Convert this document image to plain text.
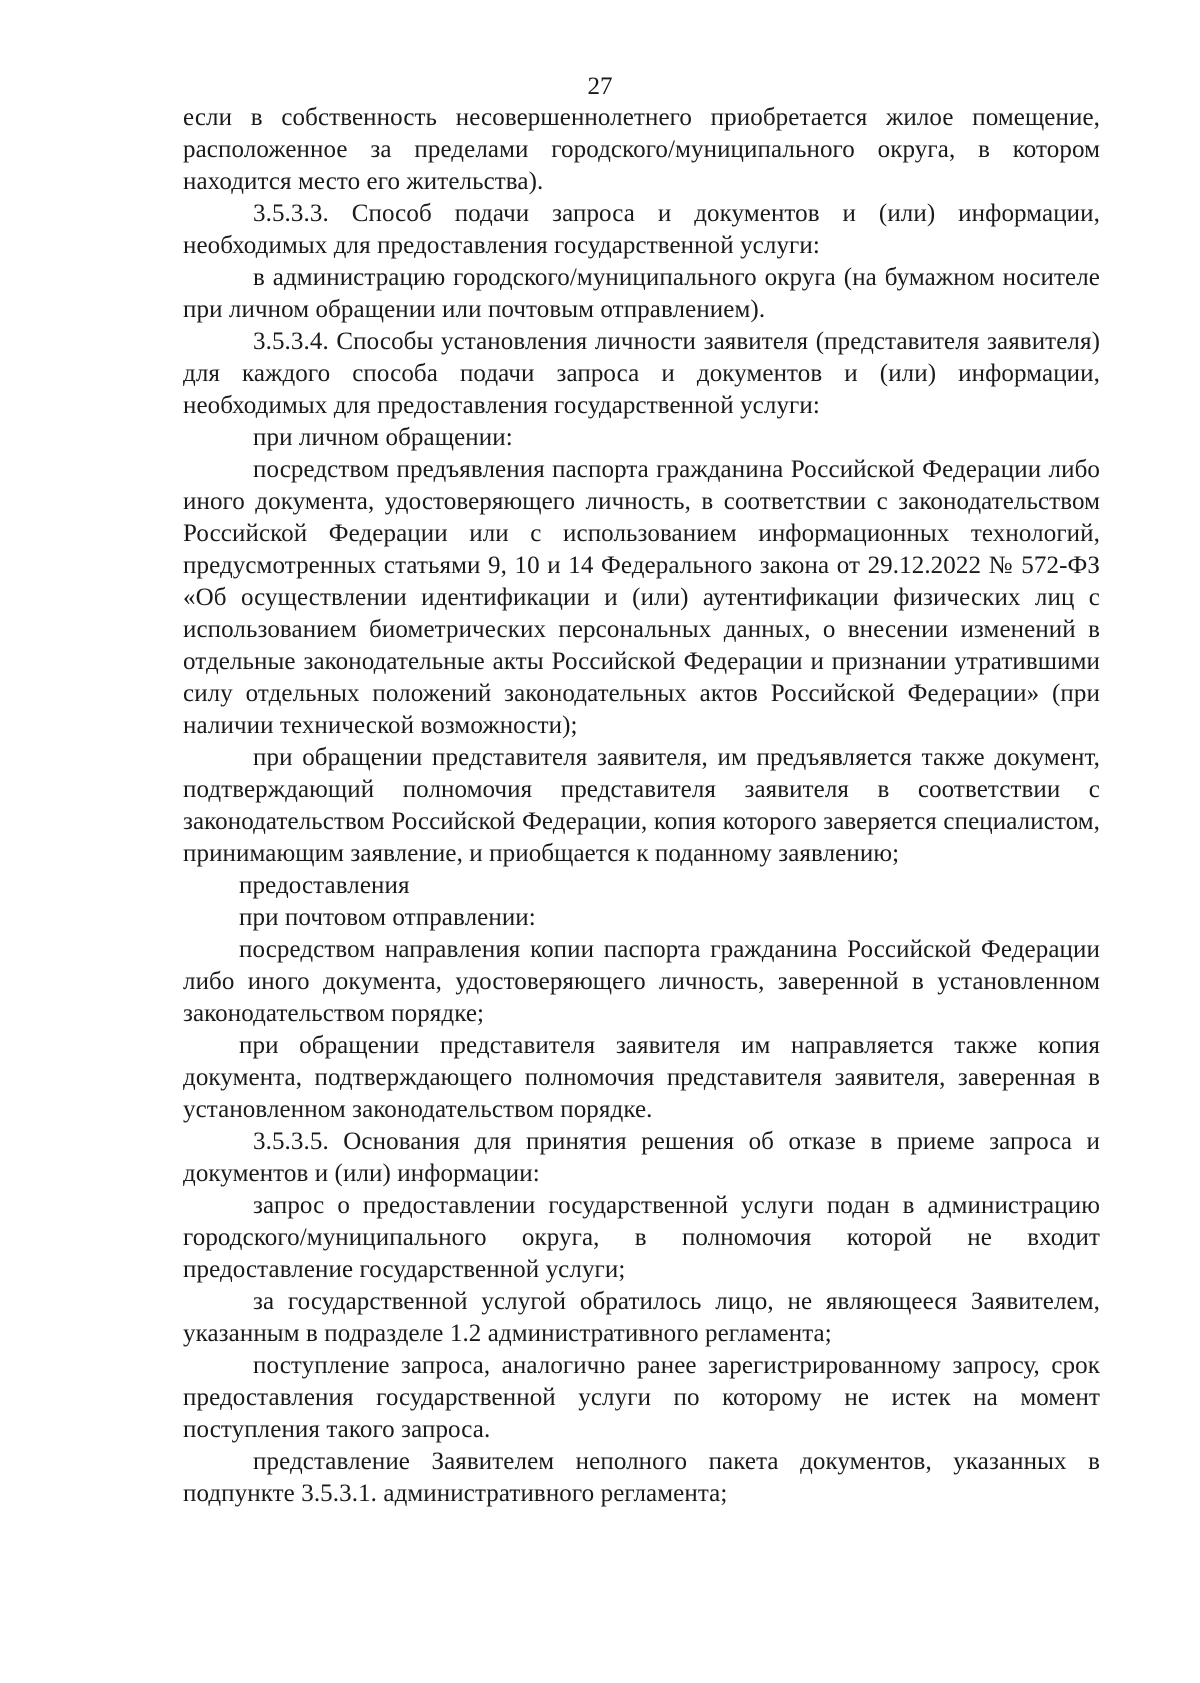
27

если в собственность несовершеннолетнего приобретается жилое помещение, расположенное за пределами городского/муниципального округа, в котором находится место его жительства).

3.5.3.3. Способ подачи запроса и документов и (или) информации, необходимых для предоставления государственной услуги:

в администрацию городского/муниципального округа (на бумажном носителе при личном обращении или почтовым отправлением).

3.5.3.4. Способы установления личности заявителя (представителя заявителя) для каждого способа подачи запроса и документов и (или) информации, необходимых для предоставления государственной услуги:

при личном обращении:

посредством предъявления паспорта гражданина Российской Федерации либо иного документа, удостоверяющего личность, в соответствии с законодательством Российской Федерации или с использованием информационных технологий, предусмотренных статьями 9, 10 и 14 Федерального закона от 29.12.2022 № 572-ФЗ «Об осуществлении идентификации и (или) аутентификации физических лиц с использованием биометрических персональных данных, о внесении изменений в отдельные законодательные акты Российской Федерации и признании утратившими силу отдельных положений законодательных актов Российской Федерации» (при наличии технической возможности);

при обращении представителя заявителя, им предъявляется также документ, подтверждающий полномочия представителя заявителя в соответствии с законодательством Российской Федерации, копия которого заверяется специалистом, принимающим заявление, и приобщается к поданному заявлению;

предоставления

при почтовом отправлении:

посредством направления копии паспорта гражданина Российской Федерации либо иного документа, удостоверяющего личность, заверенной в установленном законодательством порядке;

при обращении представителя заявителя им направляется также копия документа, подтверждающего полномочия представителя заявителя, заверенная в установленном законодательством порядке.

3.5.3.5. Основания для принятия решения об отказе в приеме запроса и документов и (или) информации:

запрос о предоставлении государственной услуги подан в администрацию городского/муниципального округа, в полномочия которой не входит предоставление государственной услуги;

за государственной услугой обратилось лицо, не являющееся Заявителем, указанным в подразделе 1.2 административного регламента;

поступление запроса, аналогично ранее зарегистрированному запросу, срок предоставления государственной услуги по которому не истек на момент поступления такого запроса.

представление Заявителем неполного пакета документов, указанных в подпункте 3.5.3.1. административного регламента;
